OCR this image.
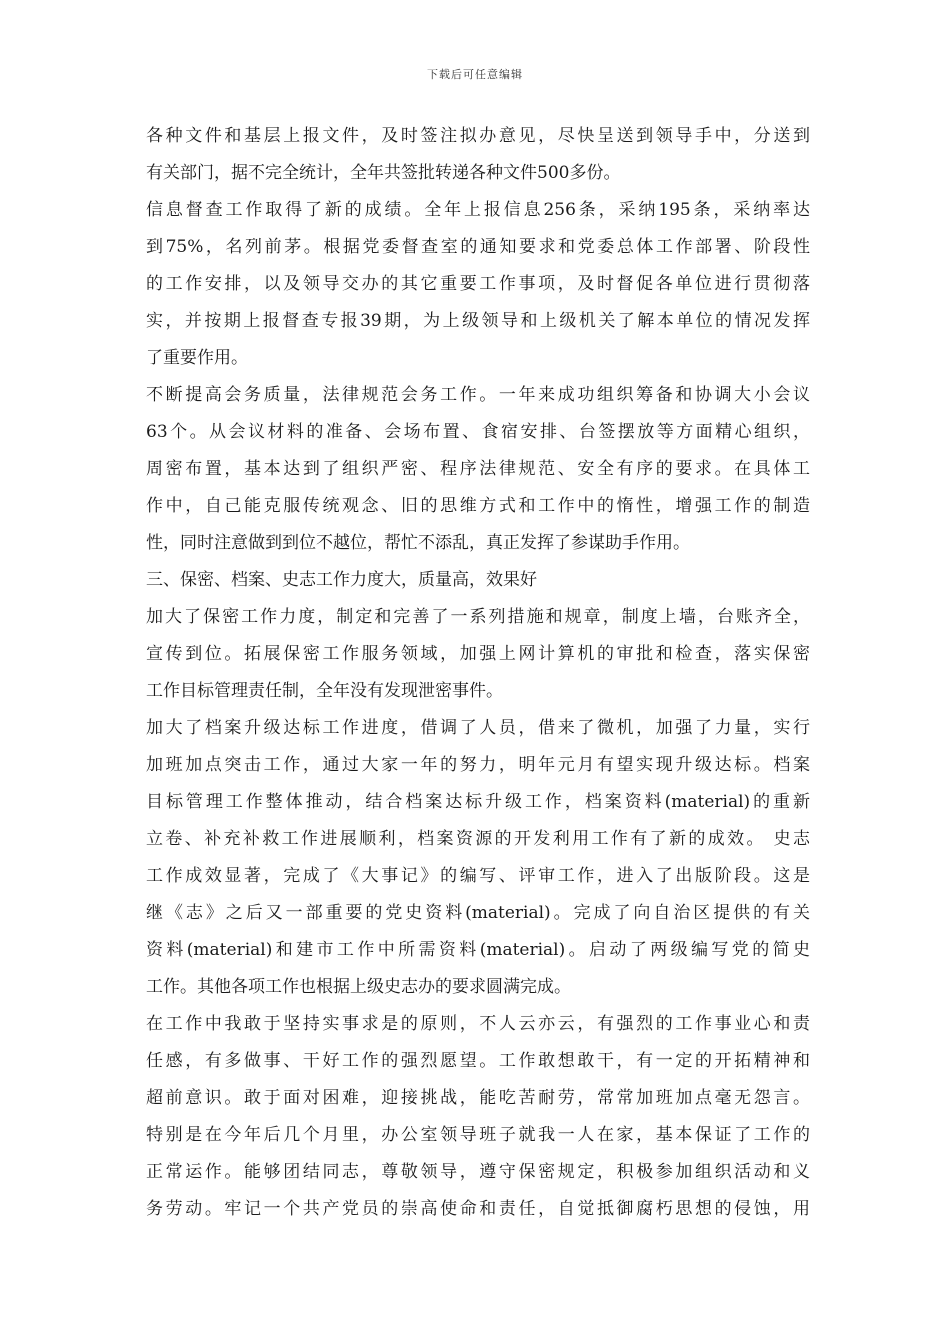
下载后可任意编辑
各种文件和基层上报文件，及时签注拟办意见，尽快呈送到领导手中，分送到
有关部门，据不完全统计，全年共签批转递各种文件500多份。
信息督查工作取得了新的成绩。全年上报信息256条，采纳195条，采纳率达
到75%，名列前茅。根据党委督查室的通知要求和党委总体工作部署、阶段性
的工作安排，以及领导交办的其它重要工作事项，及时督促各单位进行贯彻落
实，并按期上报督查专报39期，为上级领导和上级机关了解本单位的情况发挥
了重要作用。
不断提高会务质量，法律规范会务工作。一年来成功组织筹备和协调大小会议
63个。从会议材料的准备、会场布置、食宿安排、台签摆放等方面精心组织，
周密布置，基本达到了组织严密、程序法律规范、安全有序的要求。在具体工
作中，自己能克服传统观念、旧的思维方式和工作中的惰性，增强工作的制造
性，同时注意做到到位不越位，帮忙不添乱，真正发挥了参谋助手作用。
三、保密、档案、史志工作力度大，质量高，效果好
加大了保密工作力度，制定和完善了一系列措施和规章，制度上墙，台账齐全，
宣传到位。拓展保密工作服务领域，加强上网计算机的审批和检查，落实保密
工作目标管理责任制，全年没有发现泄密事件。
加大了档案升级达标工作进度，借调了人员，借来了微机，加强了力量，实行
加班加点突击工作，通过大家一年的努力，明年元月有望实现升级达标。档案
目标管理工作整体推动，结合档案达标升级工作，档案资料(material)的重新
立卷、补充补救工作进展顺利，档案资源的开发利用工作有了新的成效。 史志
工作成效显著，完成了《大事记》的编写、评审工作，进入了出版阶段。这是
继《志》之后又一部重要的党史资料(material)。完成了向自治区提供的有关
资料(material)和建市工作中所需资料(material)。启动了两级编写党的简史
工作。其他各项工作也根据上级史志办的要求圆满完成。
在工作中我敢于坚持实事求是的原则，不人云亦云，有强烈的工作事业心和责
任感，有多做事、干好工作的强烈愿望。工作敢想敢干，有一定的开拓精神和
超前意识。敢于面对困难，迎接挑战，能吃苦耐劳，常常加班加点毫无怨言。
特别是在今年后几个月里，办公室领导班子就我一人在家，基本保证了工作的
正常运作。能够团结同志，尊敬领导，遵守保密规定，积极参加组织活动和义
务劳动。牢记一个共产党员的崇高使命和责任，自觉抵御腐朽思想的侵蚀，用
